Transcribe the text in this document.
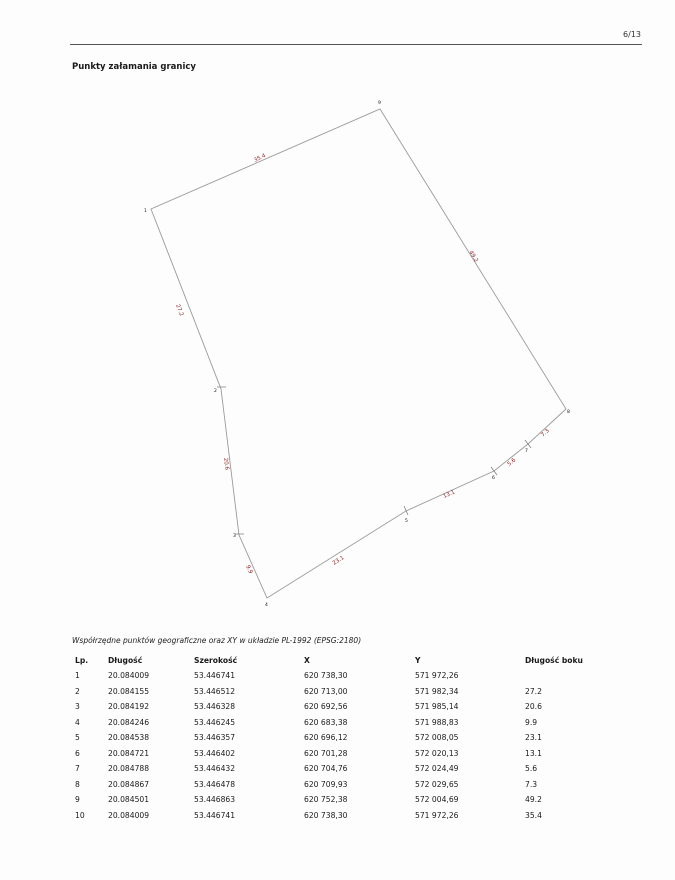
6/13
Punkty załamania granicy
1
2
3
4
5
6
7
8
9
27.2
20.6
9.9
23.1
13.1
5.6
7.3
49.2
35.4
Współrzędne punktów geograficzne oraz XY w układzie PL-1992 (EPSG:2180)
Lp.	Długość	Szerokość	X	Y	Długość boku
1	20.084009	53.446741	620 738,30	571 972,26	
2	20.084155	53.446512	620 713,00	571 982,34	27.2
3	20.084192	53.446328	620 692,56	571 985,14	20.6
4	20.084246	53.446245	620 683,38	571 988,83	9.9
5	20.084538	53.446357	620 696,12	572 008,05	23.1
6	20.084721	53.446402	620 701,28	572 020,13	13.1
7	20.084788	53.446432	620 704,76	572 024,49	5.6
8	20.084867	53.446478	620 709,93	572 029,65	7.3
9	20.084501	53.446863	620 752,38	572 004,69	49.2
10	20.084009	53.446741	620 738,30	571 972,26	35.4
